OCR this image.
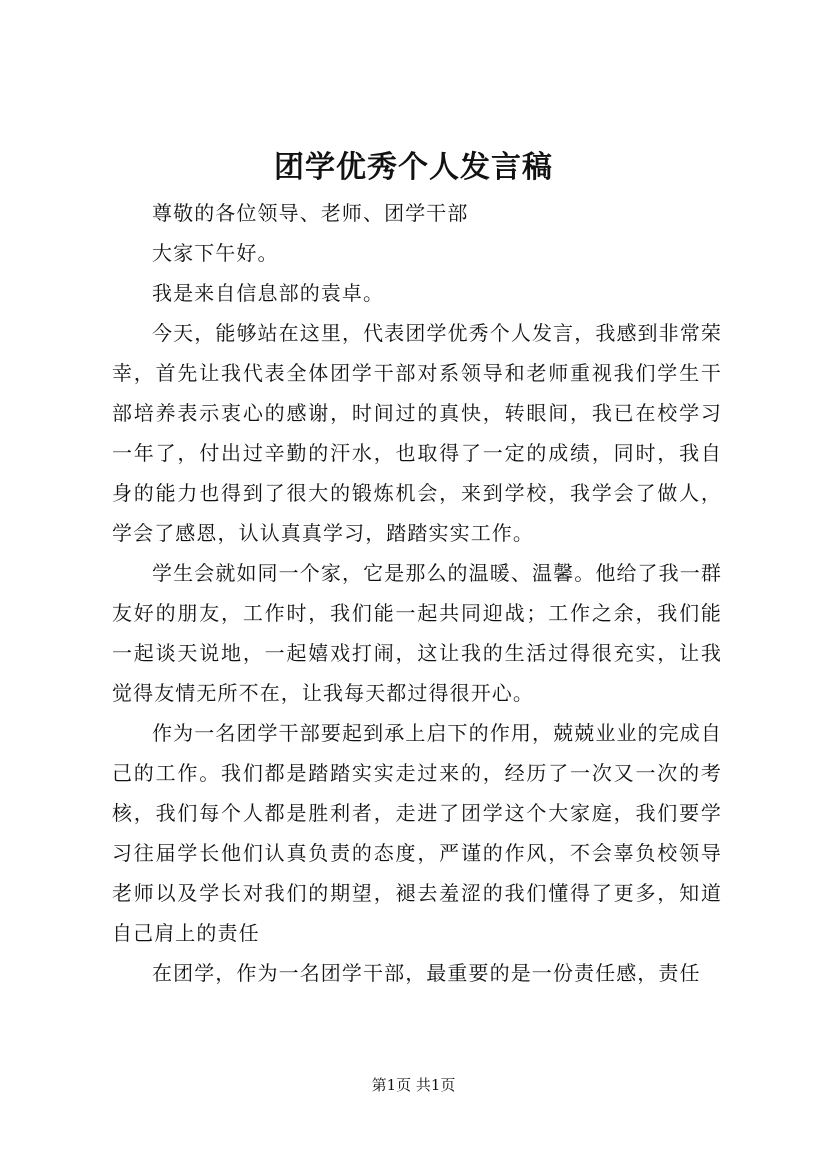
团学优秀个人发言稿

尊敬的各位领导、老师、团学干部

大家下午好。

我是来自信息部的袁卓。

今天，能够站在这里，代表团学优秀个人发言，我感到非常荣幸，首先让我代表全体团学干部对系领导和老师重视我们学生干部培养表示衷心的感谢，时间过的真快，转眼间，我已在校学习一年了，付出过辛勤的汗水，也取得了一定的成绩，同时，我自身的能力也得到了很大的锻炼机会，来到学校，我学会了做人，学会了感恩，认认真真学习，踏踏实实工作。

学生会就如同一个家，它是那么的温暖、温馨。他给了我一群友好的朋友，工作时，我们能一起共同迎战；工作之余，我们能一起谈天说地，一起嬉戏打闹，这让我的生活过得很充实，让我觉得友情无所不在，让我每天都过得很开心。

作为一名团学干部要起到承上启下的作用，兢兢业业的完成自己的工作。我们都是踏踏实实走过来的，经历了一次又一次的考核，我们每个人都是胜利者，走进了团学这个大家庭，我们要学习往届学长他们认真负责的态度，严谨的作风，不会辜负校领导老师以及学长对我们的期望，褪去羞涩的我们懂得了更多，知道自己肩上的责任

在团学，作为一名团学干部，最重要的是一份责任感，责任

第1页 共1页
